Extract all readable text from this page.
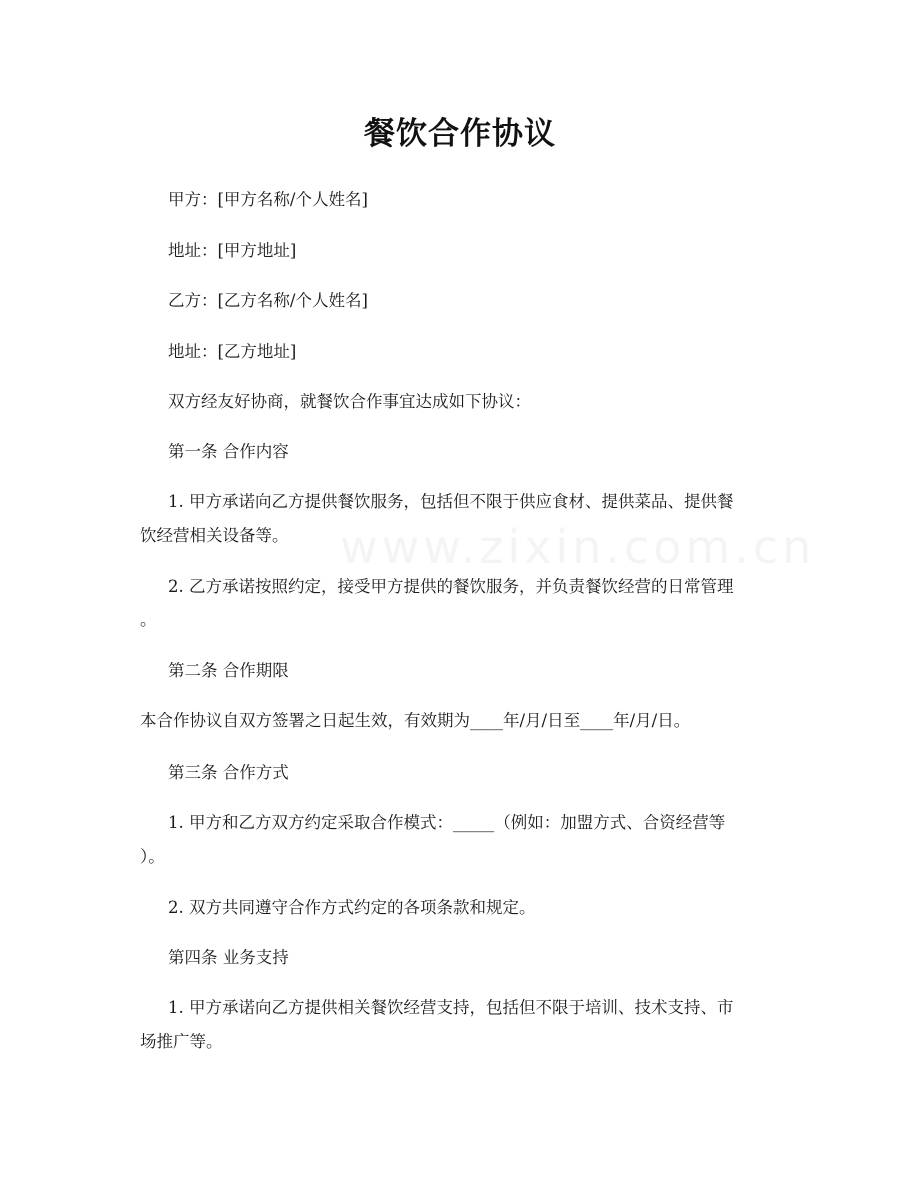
www.zixin.com.cn
餐饮合作协议
甲方：[甲方名称/个人姓名]
地址：[甲方地址]
乙方：[乙方名称/个人姓名]
地址：[乙方地址]
双方经友好协商，就餐饮合作事宜达成如下协议：
第一条 合作内容
1. 甲方承诺向乙方提供餐饮服务，包括但不限于供应食材、提供菜品、提供餐
饮经营相关设备等。
2. 乙方承诺按照约定，接受甲方提供的餐饮服务，并负责餐饮经营的日常管理
。
第二条 合作期限
本合作协议自双方签署之日起生效，有效期为____年/月/日至____年/月/日。
第三条 合作方式
1. 甲方和乙方双方约定采取合作模式：_____（例如：加盟方式、合资经营等
）。
2. 双方共同遵守合作方式约定的各项条款和规定。
第四条 业务支持
1. 甲方承诺向乙方提供相关餐饮经营支持，包括但不限于培训、技术支持、市
场推广等。
